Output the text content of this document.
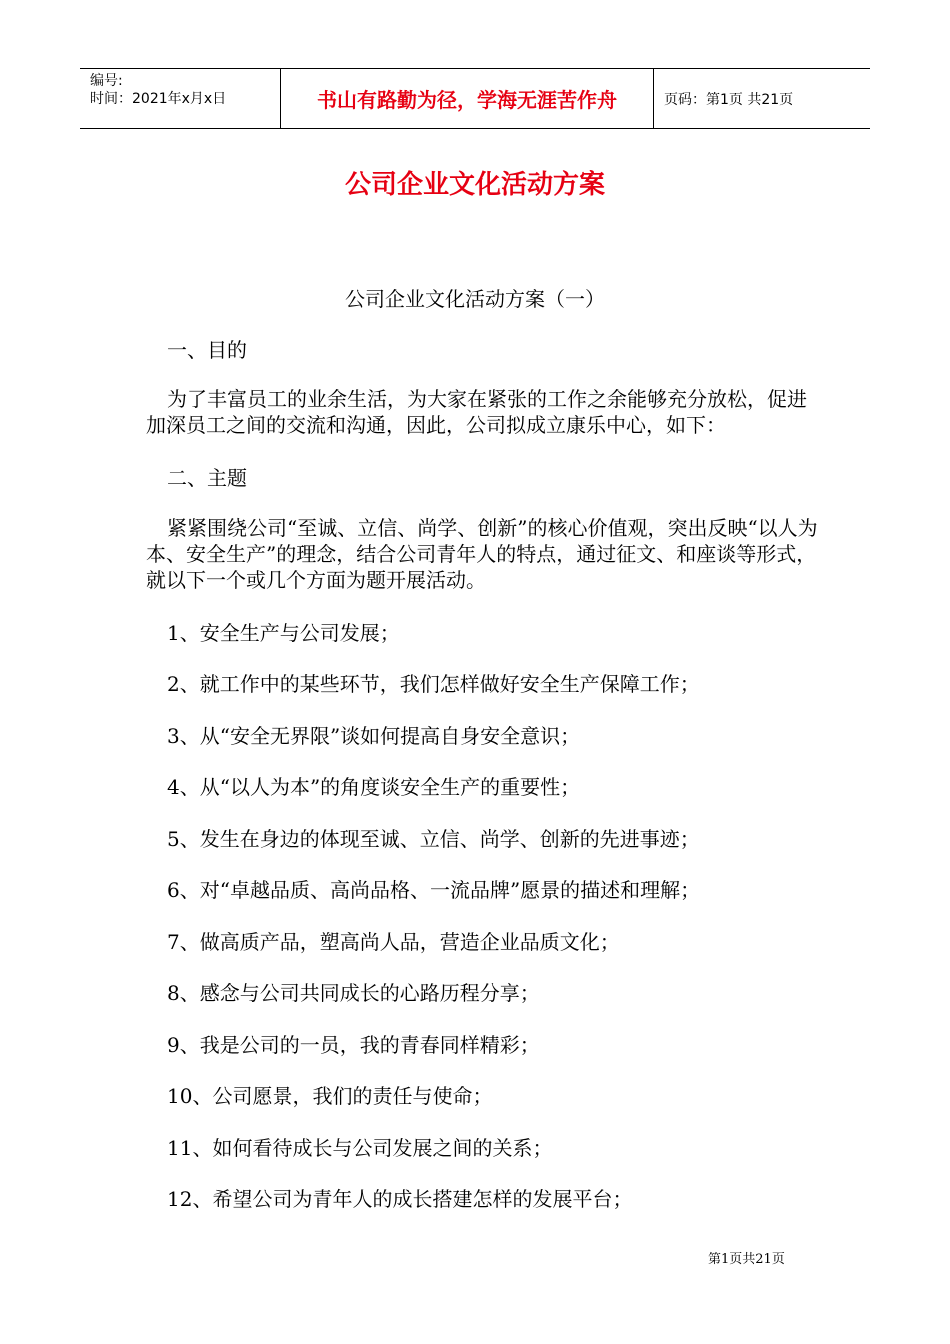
编号:
时间：2021年x月x日	书山有路勤为径，学海无涯苦作舟	页码：第1页 共21页
公司企业文化活动方案
公司企业文化活动方案（一）
一、目的
为了丰富员工的业余生活，为大家在紧张的工作之余能够充分放松，促进加深员工之间的交流和沟通，因此，公司拟成立康乐中心，如下：
二、主题
紧紧围绕公司“至诚、立信、尚学、创新”的核心价值观，突出反映“以人为本、安全生产”的理念，结合公司青年人的特点，通过征文、和座谈等形式，就以下一个或几个方面为题开展活动。
1、安全生产与公司发展；
2、就工作中的某些环节，我们怎样做好安全生产保障工作；
3、从“安全无界限”谈如何提高自身安全意识；
4、从“以人为本”的角度谈安全生产的重要性；
5、发生在身边的体现至诚、立信、尚学、创新的先进事迹；
6、对“卓越品质、高尚品格、一流品牌”愿景的描述和理解；
7、做高质产品，塑高尚人品，营造企业品质文化；
8、感念与公司共同成长的心路历程分享；
9、我是公司的一员，我的青春同样精彩；
10、公司愿景，我们的责任与使命；
11、如何看待成长与公司发展之间的关系；
12、希望公司为青年人的成长搭建怎样的发展平台；
第1页共21页
